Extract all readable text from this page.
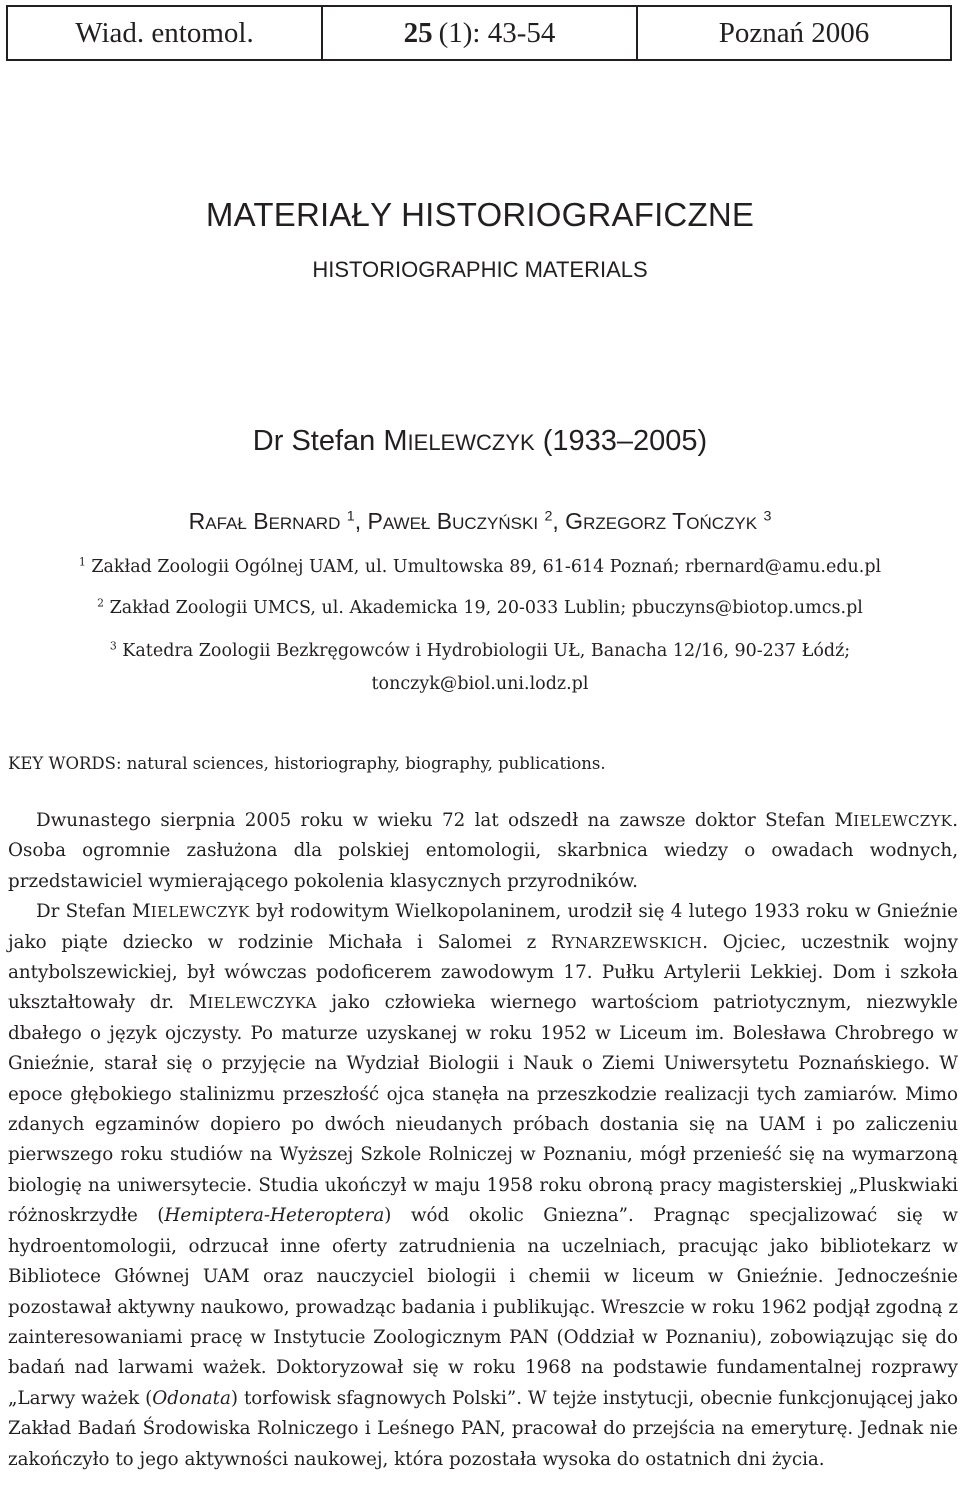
Wiad. entomol.	25 (1): 43-54	Poznań 2006
MATERIAŁY HISTORIOGRAFICZNE
HISTORIOGRAPHIC MATERIALS
Dr Stefan MIELEWCZYK (1933–2005)
RAFAŁ BERNARD $^1$, PAWEŁ BUCZYŃSKI $^2$, GRZEGORZ TOŃCZYK $^3$
$^1$ Zakład Zoologii Ogólnej UAM, ul. Umultowska 89, 61-614 Poznań; rbernard@amu.edu.pl
$^2$ Zakład Zoologii UMCS, ul. Akademicka 19, 20-033 Lublin; pbuczyns@biotop.umcs.pl
$^3$ Katedra Zoologii Bezkręgowców i Hydrobiologii UŁ, Banacha 12/16, 90-237 Łódź;
tonczyk@biol.uni.lodz.pl
KEY WORDS: natural sciences, historiography, biography, publications.

Dwunastego sierpnia 2005 roku w wieku 72 lat odszedł na zawsze doktor Stefan MIELEWCZYK. Osoba ogromnie zasłużona dla polskiej entomologii, skarbnica wiedzy o owadach wodnych, przedstawiciel wymierającego pokolenia klasycznych przyrodników.

Dr Stefan MIELEWCZYK był rodowitym Wielkopolaninem, urodził się 4 lutego 1933 roku w Gnieźnie jako piąte dziecko w rodzinie Michała i Salomei z RYNARZEWSKICH. Ojciec, uczestnik wojny antybolszewickiej, był wówczas podoficerem zawodowym 17. Pułku Artylerii Lekkiej. Dom i szkoła ukształtowały dr. MIELEWCZYKA jako człowieka wiernego wartościom patriotycznym, niezwykle dbałego o język ojczysty. Po maturze uzyskanej w roku 1952 w Liceum im. Bolesława Chrobrego w Gnieźnie, starał się o przyjęcie na Wydział Biologii i Nauk o Ziemi Uniwersytetu Poznańskiego. W epoce głębokiego stalinizmu przeszłość ojca stanęła na przeszkodzie realizacji tych zamiarów. Mimo zdanych egzaminów dopiero po dwóch nieudanych próbach dostania się na UAM i po zaliczeniu pierwszego roku studiów na Wyższej Szkole Rolniczej w Poznaniu, mógł przenieść się na wymarzoną biologię na uniwersytecie. Studia ukończył w maju 1958 roku obroną pracy magisterskiej „Pluskwiaki różnoskrzydłe (Hemiptera-Heteroptera) wód okolic Gniezna”. Pragnąc specjalizować się w hydroentomologii, odrzucał inne oferty zatrudnienia na uczelniach, pracując jako bibliotekarz w Bibliotece Głównej UAM oraz nauczyciel biologii i chemii w liceum w Gnieźnie. Jednocześnie pozostawał aktywny naukowo, prowadząc badania i publikując. Wreszcie w roku 1962 podjął zgodną z zainteresowaniami pracę w Instytucie Zoologicznym PAN (Oddział w Poznaniu), zobowiązując się do badań nad larwami ważek. Doktoryzował się w roku 1968 na podstawie fundamentalnej rozprawy „Larwy ważek (Odonata) torfowisk sfagnowych Polski”. W tejże instytucji, obecnie funkcjonującej jako Zakład Badań Środowiska Rolniczego i Leśnego PAN, pracował do przejścia na emeryturę. Jednak nie zakończyło to jego aktywności naukowej, która pozostała wysoka do ostatnich dni życia.
